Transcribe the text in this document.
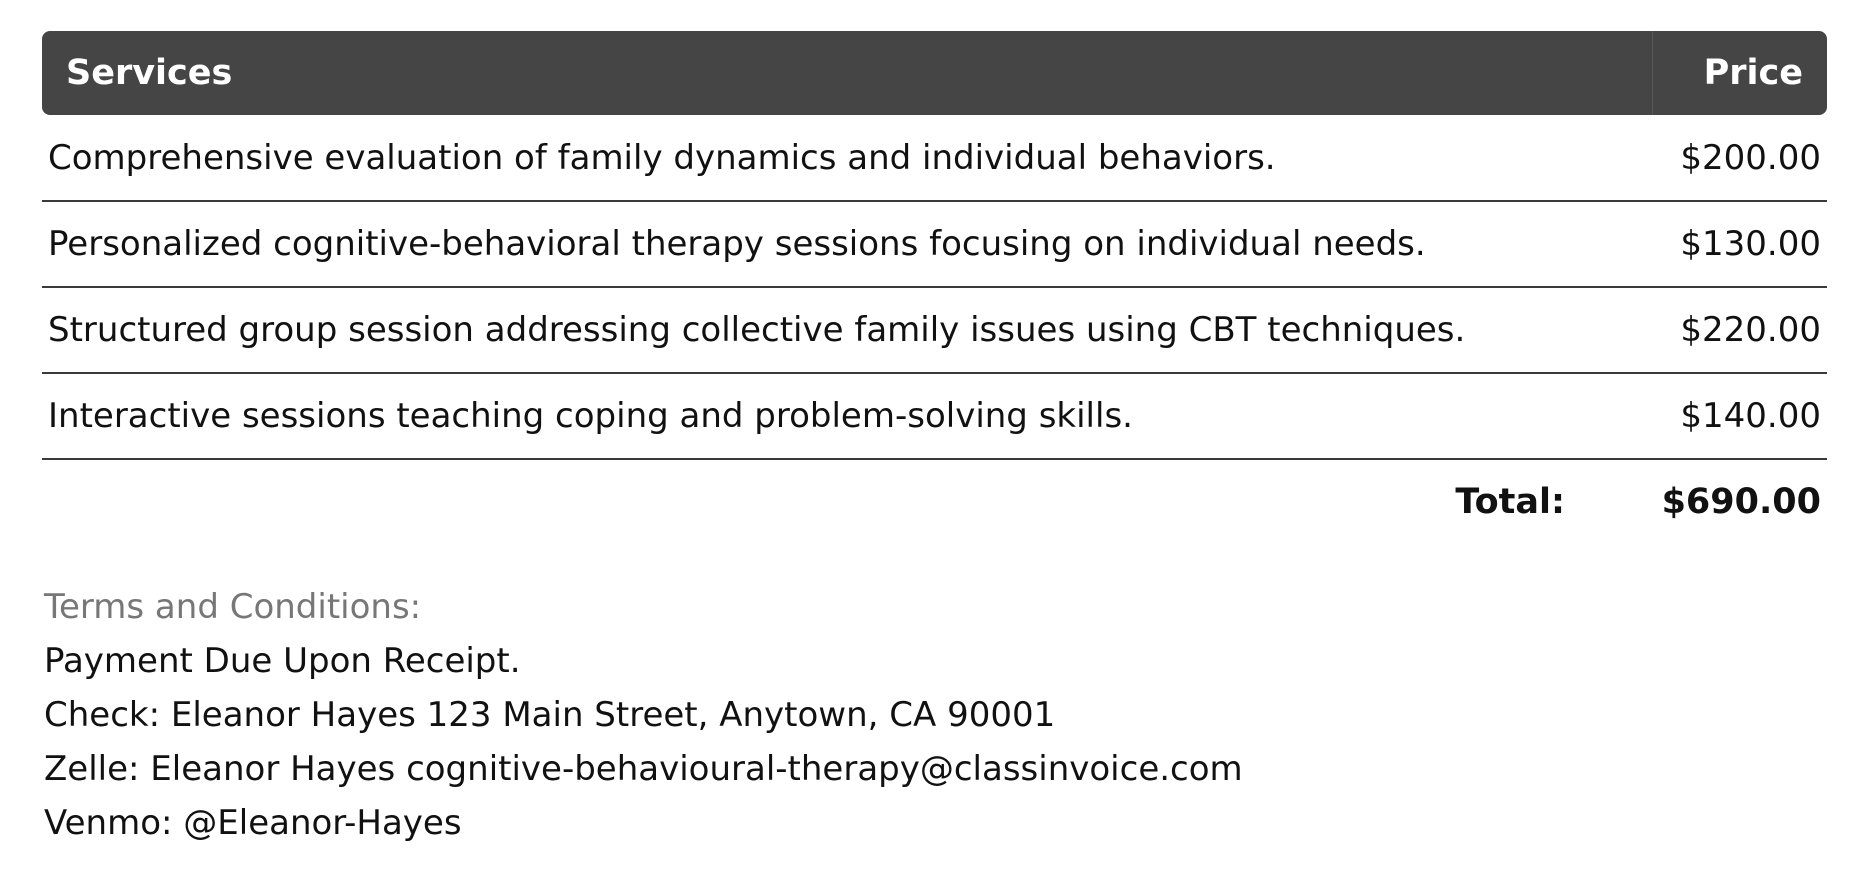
Services	Price
Comprehensive evaluation of family dynamics and individual behaviors.	$200.00
Personalized cognitive-behavioral therapy sessions focusing on individual needs.	$130.00
Structured group session addressing collective family issues using CBT techniques.	$220.00
Interactive sessions teaching coping and problem-solving skills.	$140.00
Total:	$690.00
Terms and Conditions:
Payment Due Upon Receipt.
Check: Eleanor Hayes 123 Main Street, Anytown, CA 90001
Zelle: Eleanor Hayes cognitive-behavioural-therapy@classinvoice.com
Venmo: @Eleanor-Hayes
